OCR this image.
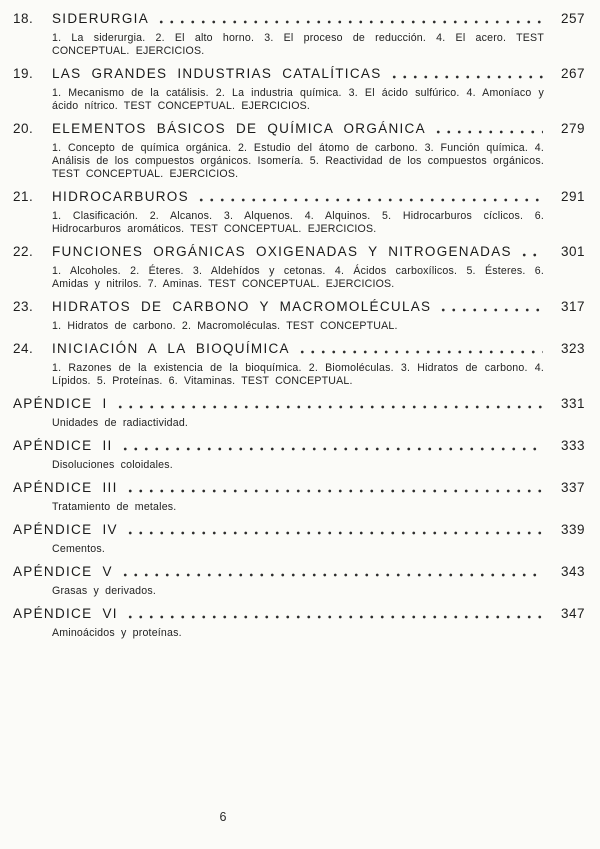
18.	SIDERURGIA	257
1. La siderurgia. 2. El alto horno. 3. El proceso de reducción. 4. El acero. TEST CONCEPTUAL. EJERCICIOS.
19.	LAS GRANDES INDUSTRIAS CATALÍTICAS	267
1. Mecanismo de la catálisis. 2. La industria química. 3. El ácido sulfúrico. 4. Amoníaco y ácido nítrico. TEST CONCEPTUAL. EJERCICIOS.
20.	ELEMENTOS BÁSICOS DE QUÍMICA ORGÁNICA	279
1. Concepto de química orgánica. 2. Estudio del átomo de carbono. 3. Función química. 4. Análisis de los compuestos orgánicos. Isomería. 5. Reactividad de los compuestos orgánicos. TEST CONCEPTUAL. EJERCICIOS.
21.	HIDROCARBUROS	291
1. Clasificación. 2. Alcanos. 3. Alquenos. 4. Alquinos. 5. Hidrocarburos cíclicos. 6. Hidrocarburos aromáticos. TEST CONCEPTUAL. EJERCICIOS.
22.	FUNCIONES ORGÁNICAS OXIGENADAS Y NITROGENADAS	301
1. Alcoholes. 2. Éteres. 3. Aldehídos y cetonas. 4. Ácidos carboxílicos. 5. Ésteres. 6. Amidas y nitrilos. 7. Aminas. TEST CONCEPTUAL. EJERCICIOS.
23.	HIDRATOS DE CARBONO Y MACROMOLÉCULAS	317
1. Hidratos de carbono. 2. Macromoléculas. TEST CONCEPTUAL.
24.	INICIACIÓN A LA BIOQUÍMICA	323
1. Razones de la existencia de la bioquímica. 2. Biomoléculas. 3. Hidratos de carbono. 4. Lípidos. 5. Proteínas. 6. Vitaminas. TEST CONCEPTUAL.
APÉNDICE I	331
Unidades de radiactividad.
APÉNDICE II	333
Disoluciones coloidales.
APÉNDICE III	337
Tratamiento de metales.
APÉNDICE IV	339
Cementos.
APÉNDICE V	343
Grasas y derivados.
APÉNDICE VI	347
Aminoácidos y proteínas.
6
